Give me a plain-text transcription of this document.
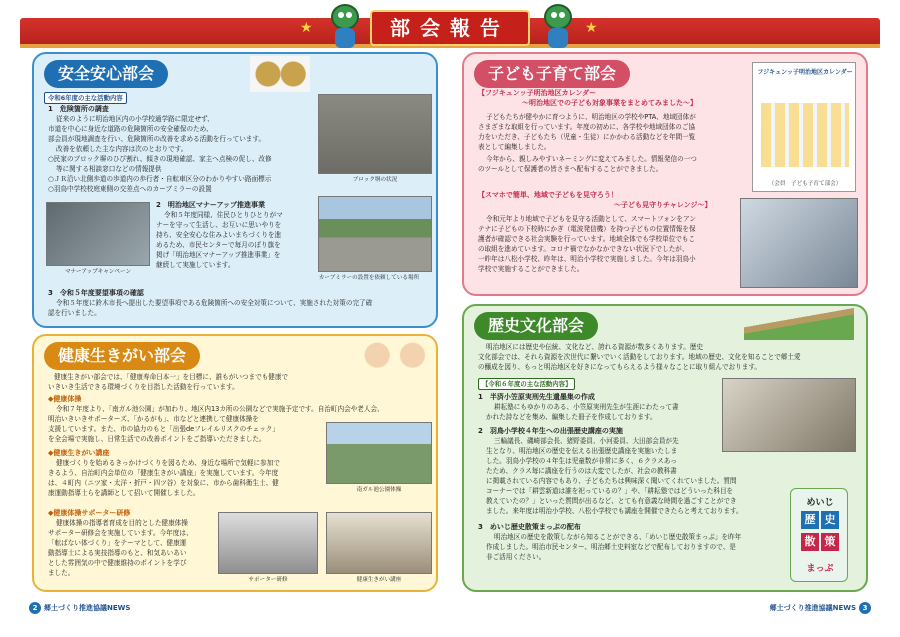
★	★
部会報告
安全安心部会
令和6年度の主な活動内容
1　危険箇所の調査
従来のように明治地区内の小学校通学路に限定せず、
市道を中心に身近な道路の危険箇所の安全確保のため、
部会員が現地調査を行い、危険箇所の改善を求める活動を行っています。
改善を依頼した主な内容は次のとおりです。
○民家のブロック塀のひび割れ、傾きの現地確認、家主へ点検の促し、改修
等に関する相談窓口などの情報提供
○ＪＲ沿い北側歩道の歩道内の歩行者・自転車区分のわかりやすい路面標示
○羽鳥中学校校庭東側の交差点へのカーブミラーの設置
ブロック塀の状況
2　明治地区マナーアップ推進事業
令和５年度同様、住民ひとりひとりがマ
ナーを守って生活し、お互いに思いやりを
持ち、安全安心な住みよいまちづくりを進
めるため、市民センターで毎月のぼり旗を
掲げ「明治地区マナーアップ推進事業」を
継続して実施しています。
マナーアップキャンペーン
カーブミラーの設置を依頼している場所
3　令和５年度要望事項の確認
令和５年度に鈴木市長へ提出した要望事項である危険箇所への安全対策について、実施された対策の完了確
認を行いました。
健康生きがい部会
健康生きがい部会では、「健康寿命日本一」を目標に、誰もがいつまでも健康で
いきいき生活できる環境づくりを目指した活動を行っています。
◆健康体操
令和７年度より、「南ガル池公園」が加わり、地区内13カ所の公園などで実施予定です。自治町内会や老人会、
明治いきいきサポーターズ、「かるがも」、市などと連携して健康体操を
支援しています。また、市の協力のもと「出張deフレイルリスクのチェック」
を全会場で実施し、日常生活での改善ポイントをご指導いただきました。
◆健康生きがい講座
健康づくりを始めるきっかけづくりを図るため、身近な場所で気軽に参加で
きるよう、自治町内会単位の「健康生きがい講座」を実施しています。今年度
は、４町内（ニツ家・太洋・折戸・四ツ谷）を対象に、市から歯科衛生士、健
康運動指導士らを講師として招いて開催しました。
◆健康体操サポーター研修
健康体操の指導者育成を目的とした健康体操
サポーター研修会を実施しています。今年度は、
「転ばない体づくり」をテーマとして、健康運
動指導士による実技指導のもと、和気あいあい
とした雰囲気の中で健康維持のポイントを学び
ました。
南ガル池公園体操
サポーター研修	健康生きがい講座
子ども子育て部会
【フジキュンッ子明治地区カレンダー
〜明治地区での子ども対象事業をまとめてみました〜】
子どもたちが健やかに育つように、明治地区の学校やPTA、地域団体が
さまざまな取組を行っています。年度の初めに、各学校や地域団体のご協
力をいただき、子どもたち（児童・生徒）にかかわる活動などを年間一覧
表として編集しました。
今年から、親しみやすいネーミングに変えてみました。情報発信の一つ
のツールとして保護者の皆さまへ配布することができました。
【スマホで簡単、地域で子どもを見守ろう！
〜子ども見守りチャレンジ〜】
令和元年より地域で子どもを見守る活動として、スマートフォンをアン
テナに子どもの下校時にかぎ（電波発信機）を持つ子どもの位置情報を保
護者が確認できる社会実験を行っています。地域全体でも学校単位でもこ
の取組を進めています。コロナ禍でなかなかできない状況下でしたが、
一昨年は八松小学校、昨年は、明治小学校で実施しました。今年は羽鳥小
学校で実施することができました。
フジキュンッ子明治地区カレンダー
（会員　子ども子育て部会）
歴史文化部会
明治地区には歴史や伝統、文化など、誇れる資源が数多くあります。歴史
文化部会では、それら資源を次世代に繋いでいく活動をしております。地域の歴史、文化を知ることで郷土愛
の醸成を図り、もっと明治地区を好きになってもらえるよう様々なことに取り組んでおります。
【令和６年度の主な活動内容】
1　半済小笠原実刑先生遺墨集の作成
耕耘塾にもゆかりのある、小笠原実刑先生が生涯にわたって書
かれた詩などを集め、編集した冊子を作成しております。
2　羽鳥小学校４年生への出張歴史講座の実施
三輪議長、磯崎部会長、猪野委員、小河委員、大田部会員が先
生となり、明治地区の歴史を伝える出張歴史講座を実施いたしま
した。羽鳥小学校の４年生は児童数が非常に多く、６クラスあっ
たため、クラス毎に講座を行うのは大変でしたが、社会の教科書
に掲載されている内容でもあり、子どもたちは興味深く聞いてくれていました。質問
コーナーでは「耕雲新道は誰を祀っているの？」や、「耕耘塾ではどういった科目を
教えていたの？」といった質問が出るなど、とても有意義な時間を過ごすことができ
ました。来年度は明治小学校、八松小学校でも講座を開催できたらと考えております。
3　めいじ歴史散策まっぷの配布
明治地区の歴史を散策しながら知ることができる、「めいじ歴史散策まっぷ」を昨年
作成しました。明治市民センター、明治郷土史料室などで配布しておりますので、是
非ご活用ください。
めいじ
歴 史
散 策
まっぷ
2 郷土づくり推進協議NEWS	郷土づくり推進協議NEWS 3
